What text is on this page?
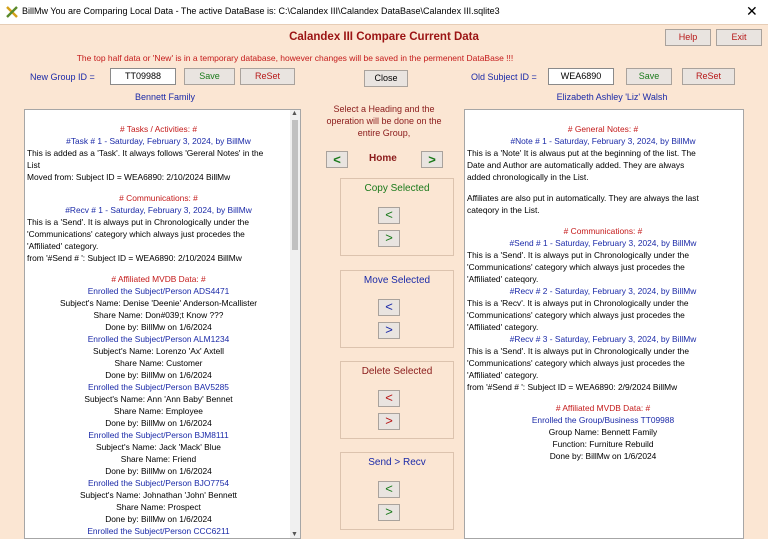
BillMw You are Comparing Local Data - The active DataBase is: C:\Calandex III\Calandex DataBase\Calandex III.sqlite3	✕
Calandex III Compare Current Data	Help	Exit
The top half data or 'New' is in a temporary database, however changes will be saved in the permenent DataBase !!!
New Group ID =	TT09988	Save	ReSet
Bennett Family
Close	Old Subject ID =	WEA6890	Save	ReSet
Elizabeth Ashley 'Liz' Walsh
# Tasks / Activities: #
#Task # 1 - Saturday, February 3, 2024, by BillMw
This is added as a 'Task'. It always follows 'Gereral Notes' in the
List
Moved from: Subject ID = WEA6890: 2/10/2024 BillMw
# Communications: #
#Recv # 1 - Saturday, February 3, 2024, by BillMw
This is a 'Send'. It is always put in Chronologically under the
'Communications' category which always just procedes the
'Affiliated' category.
from '#Send # ': Subject ID = WEA6890: 2/10/2024 BillMw
# Affiliated MVDB Data: #
Enrolled the Subject/Person ADS4471
Subject's Name: Denise 'Deenie' Anderson-Mcallister
Share Name: Don#039;t Know ???
Done by: BillMw on 1/6/2024
Enrolled the Subject/Person ALM1234
Subject's Name: Lorenzo 'Ax' Axtell
Share Name: Customer
Done by: BillMw on 1/6/2024
Enrolled the Subject/Person BAV5285
Subject's Name: Ann 'Ann Baby' Bennet
Share Name: Employee
Done by: BillMw on 1/6/2024
Enrolled the Subject/Person BJM8111
Subject's Name: Jack 'Mack' Blue
Share Name: Friend
Done by: BillMw on 1/6/2024
Enrolled the Subject/Person BJO7754
Subject's Name: Johnathan 'John' Bennett
Share Name: Prospect
Done by: BillMw on 1/6/2024
Enrolled the Subject/Person CCC6211
▲
▼
Select a Heading and the operation will be done on the entire Group,
<	Home	>
Copy Selected
<
>
Move Selected
<
>
Delete Selected
<
>
Send > Recv
<
>
# General Notes: #
#Note # 1 - Saturday, February 3, 2024, by BillMw
This is a 'Note' It is alwaus put at the beginning of the list. The
Date and Author are automatically added. They are always
added chronologically in the List.
Affiliates are also put in automatically. They are always the last
cateqory in the List.
# Communications: #
#Send # 1 - Saturday, February 3, 2024, by BillMw
This is a 'Send'. It is always put in Chronologically under the
'Communications' category which always just procedes the
'Affiliated' cateqory.
#Recv # 2 - Saturday, February 3, 2024, by BillMw
This is a 'Recv'. It is always put in Chronologically under the
'Communications' category which always just procedes the
'Affiliated' category.
#Recv # 3 - Saturday, February 3, 2024, by BillMw
This is a 'Send'. It is always put in Chronologically under the
'Communications' category which always just procedes the
'Affiliated' category.
from '#Send # ': Subject ID = WEA6890: 2/9/2024 BillMw
# Affiliated MVDB Data: #
Enrolled the Group/Business TT09988
Group Name: Bennett Family
Function: Furniture Rebuild
Done by: BillMw on 1/6/2024
